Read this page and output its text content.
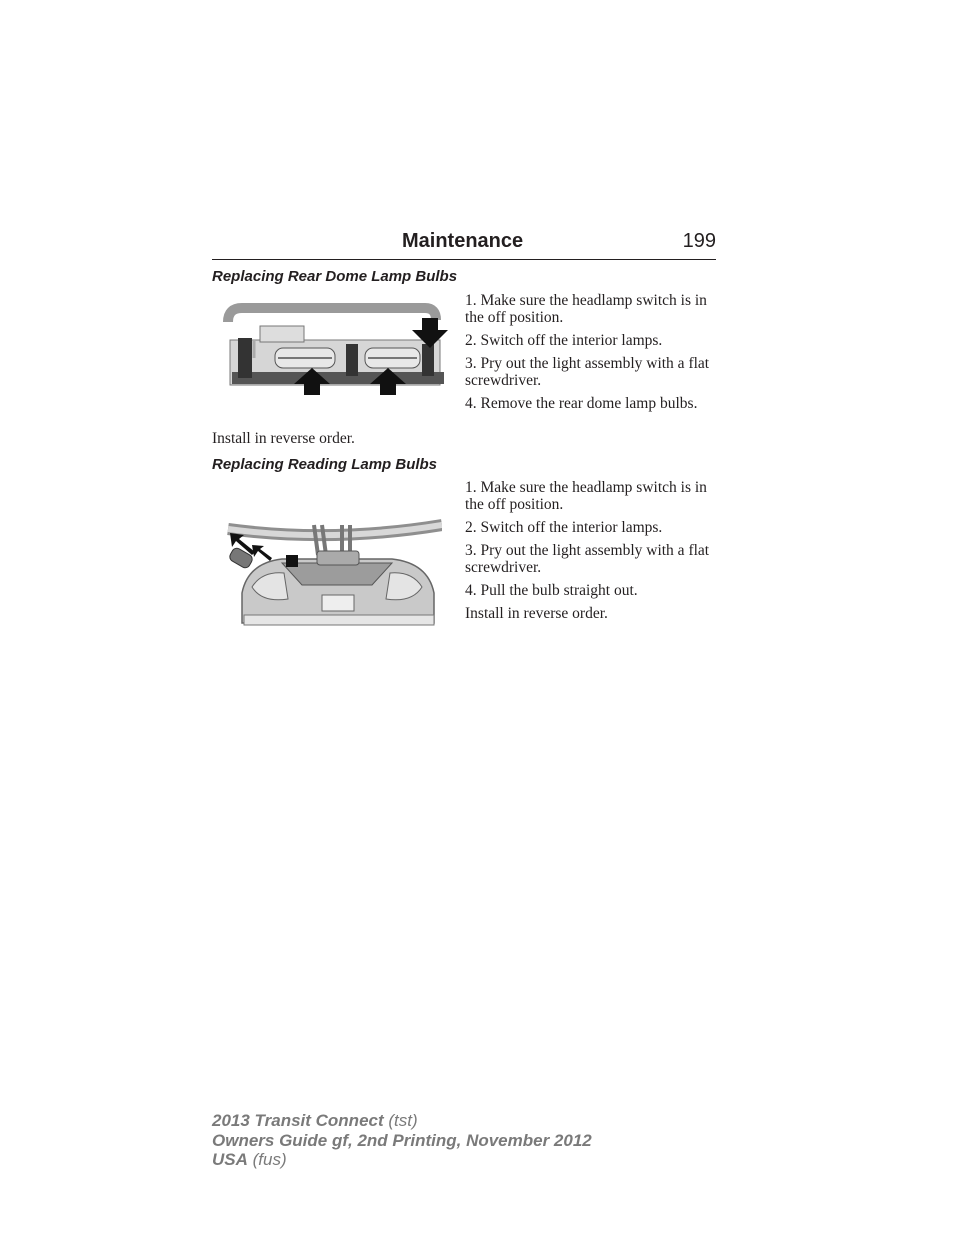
Maintenance	199
Replacing Rear Dome Lamp Bulbs
1. Make sure the headlamp switch is in the off position.
2. Switch off the interior lamps.
3. Pry out the light assembly with a flat screwdriver.
4. Remove the rear dome lamp bulbs.
Install in reverse order.
Replacing Reading Lamp Bulbs
1. Make sure the headlamp switch is in the off position.
2. Switch off the interior lamps.
3. Pry out the light assembly with a flat screwdriver.
4. Pull the bulb straight out.
Install in reverse order.
2013 Transit Connect (tst)
Owners Guide gf, 2nd Printing, November 2012
USA (fus)
